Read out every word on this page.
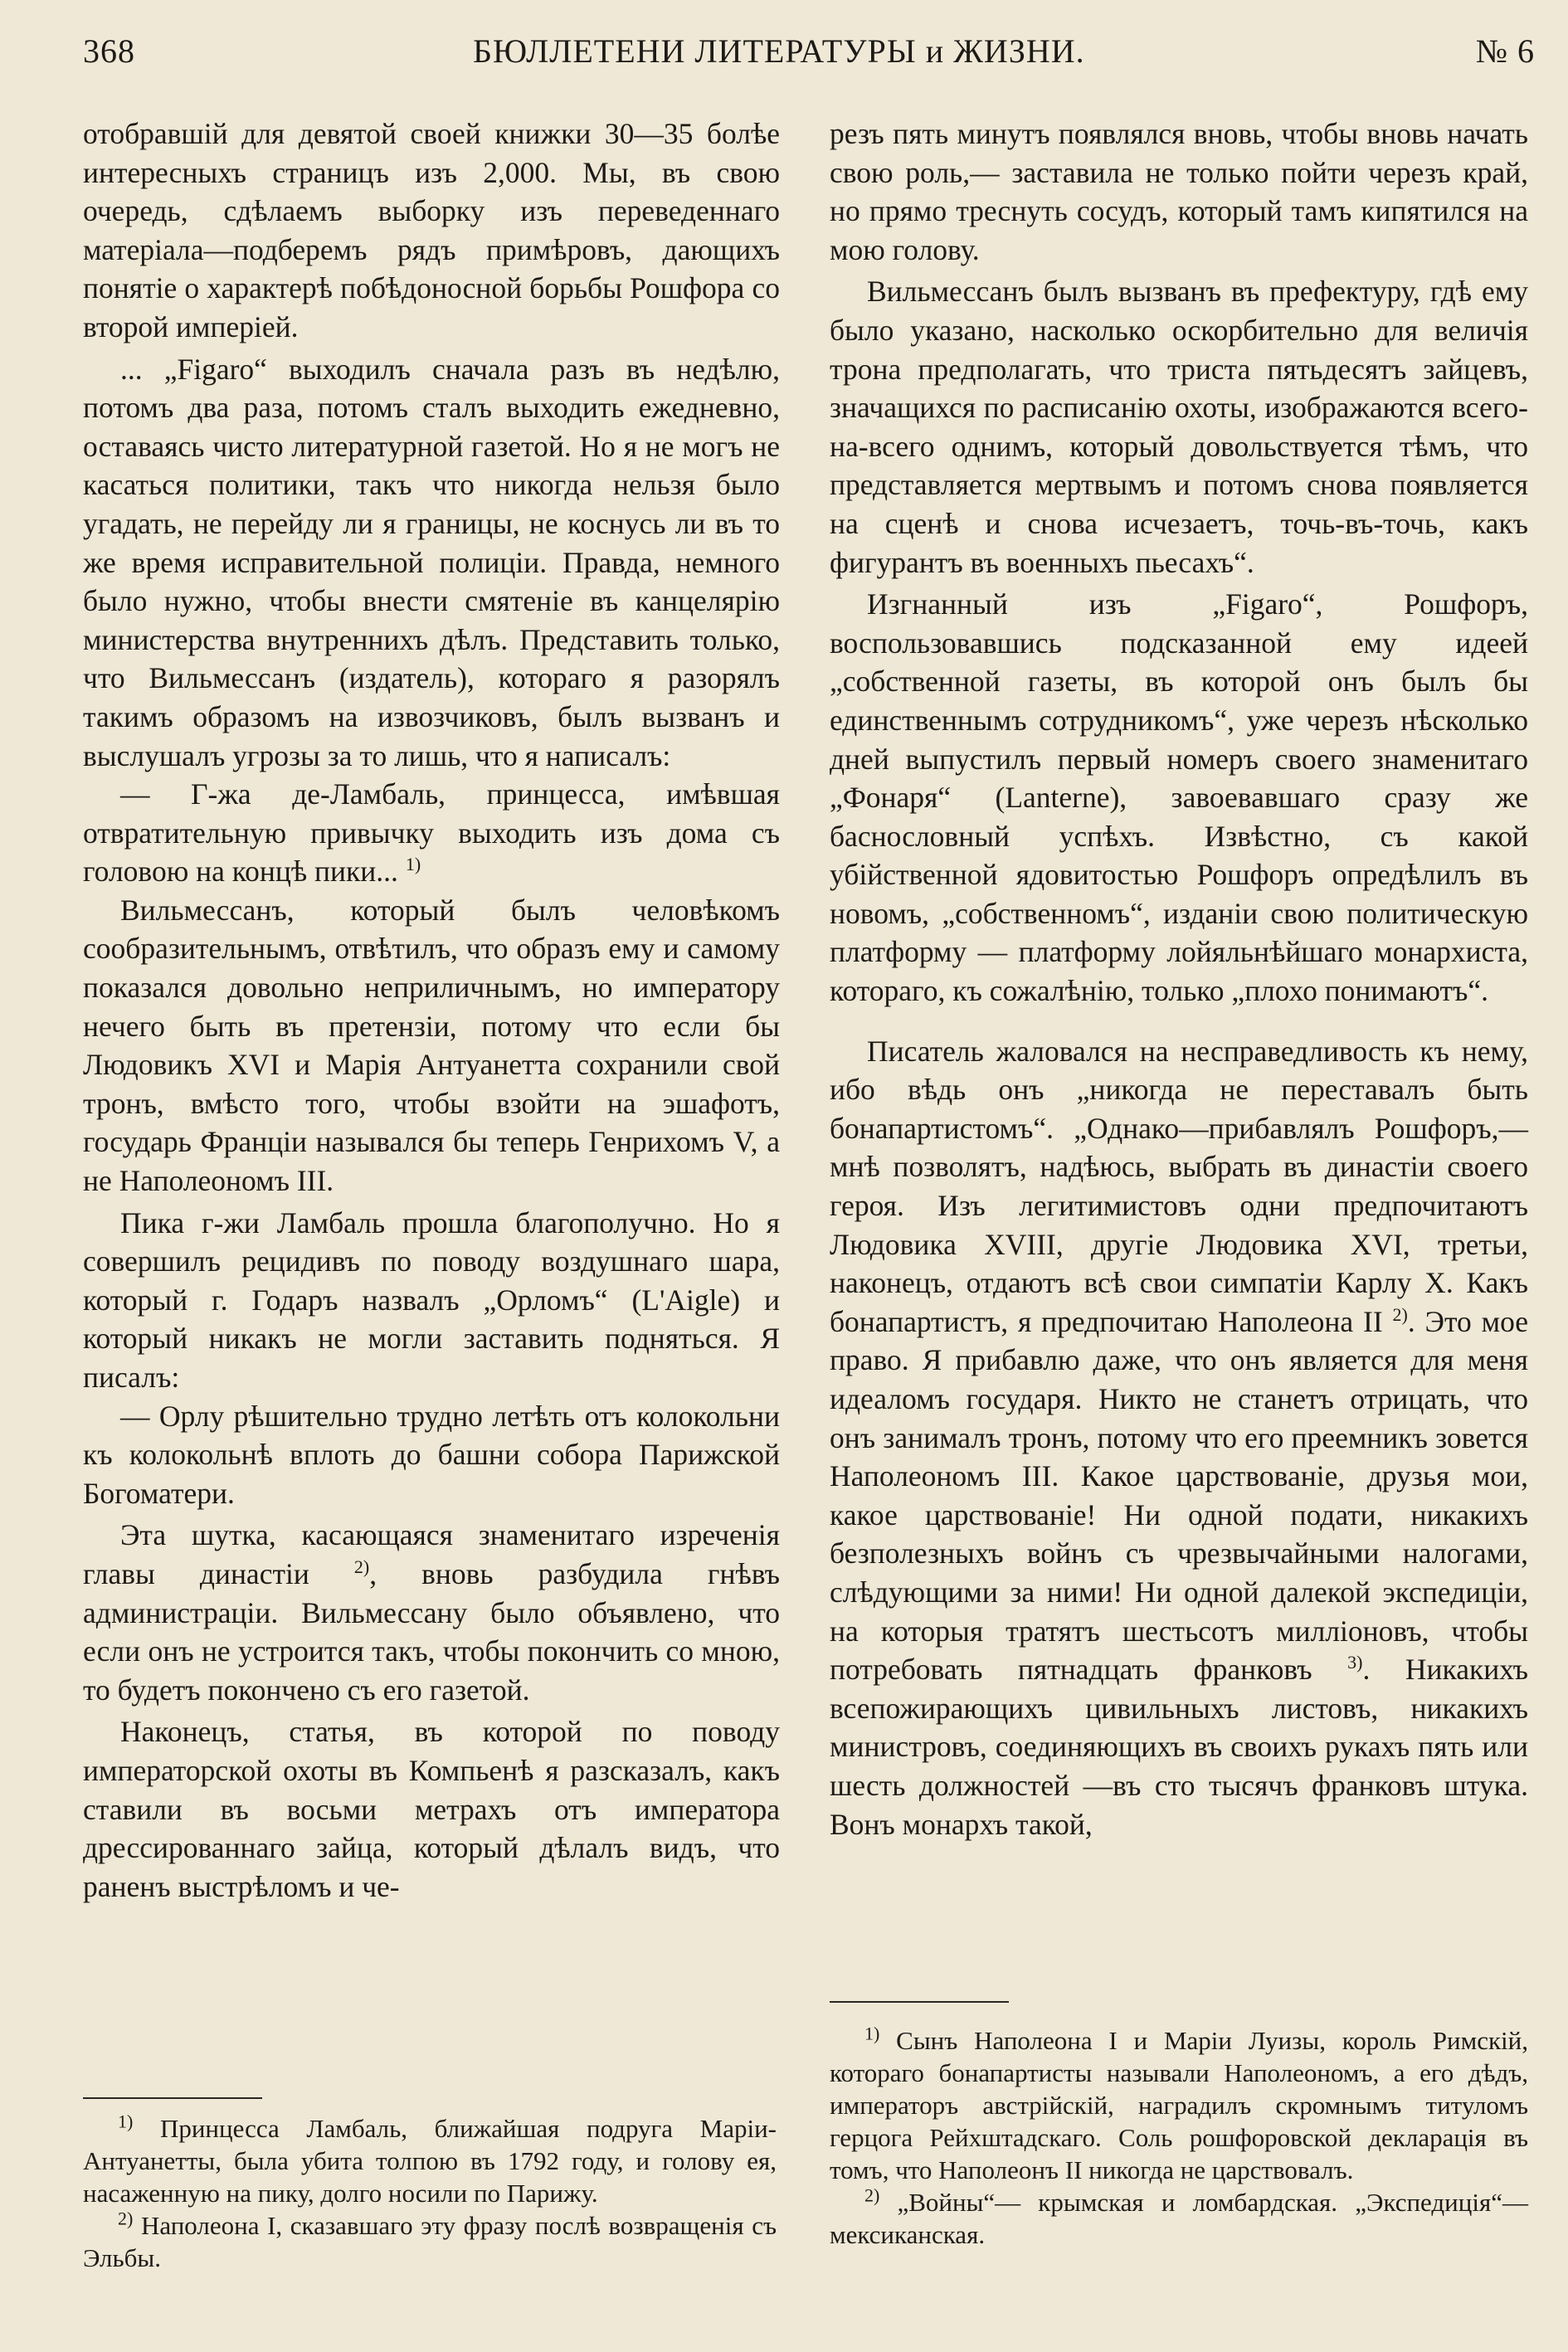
368	БЮЛЛЕТЕНИ ЛИТЕРАТУРЫ и ЖИЗНИ.	№ 6

отобравшій для девятой своей книжки 30—35 болѣе интересныхъ страницъ изъ 2,000. Мы, въ свою очередь, сдѣлаемъ выборку изъ переведеннаго матеріала—подберемъ рядъ примѣровъ, дающихъ понятіе о характерѣ побѣдоносной борьбы Рошфора со второй имперіей.

... „Figaro“ выходилъ сначала разъ въ недѣлю, потомъ два раза, потомъ сталъ выходить ежедневно, оставаясь чисто литературной газетой. Но я не могъ не касаться политики, такъ что никогда нельзя было угадать, не перейду ли я границы, не коснусь ли въ то же время исправительной полиціи. Правда, немного было нужно, чтобы внести смятеніе въ канцелярію министерства внутреннихъ дѣлъ. Представить только, что Вильмессанъ (издатель), котораго я разорялъ такимъ образомъ на извозчиковъ, былъ вызванъ и выслушалъ угрозы за то лишь, что я написалъ:

— Г-жа де-Ламбаль, принцесса, имѣвшая отвратительную привычку выходить изъ дома съ головою на концѣ пики... $^{1)}$

Вильмессанъ, который былъ человѣкомъ сообразительнымъ, отвѣтилъ, что образъ ему и самому показался довольно неприличнымъ, но императору нечего быть въ претензіи, потому что если бы Людовикъ XVI и Марія Антуанетта сохранили свой тронъ, вмѣсто того, чтобы взойти на эшафотъ, государь Франціи назывался бы теперь Генрихомъ V, а не Наполеономъ III.

Пика г-жи Ламбаль прошла благополучно. Но я совершилъ рецидивъ по поводу воздушнаго шара, который г. Годаръ назвалъ „Орломъ“ (L'Aigle) и который никакъ не могли заставить подняться. Я писалъ:

— Орлу рѣшительно трудно летѣть отъ колокольни къ колокольнѣ вплоть до башни собора Парижской Богоматери.

Эта шутка, касающаяся знаменитаго изреченія главы династіи $^{2)}$, вновь разбудила гнѣвъ администраціи. Вильмессану было объявлено, что если онъ не устроится такъ, чтобы покончить со мною, то будетъ покончено съ его газетой.

Наконецъ, статья, въ которой по поводу императорской охоты въ Компьенѣ я разсказалъ, какъ ставили въ восьми метрахъ отъ императора дрессированнаго зайца, который дѣлалъ видъ, что раненъ выстрѣломъ и че-

резъ пять минутъ появлялся вновь, чтобы вновь начать свою роль,— заставила не только пойти черезъ край, но прямо треснуть сосудъ, который тамъ кипятился на мою голову.

Вильмессанъ былъ вызванъ въ префектуру, гдѣ ему было указано, насколько оскорбительно для величія трона предполагать, что триста пятьдесятъ зайцевъ, значащихся по расписанію охоты, изображаются всего-на-всего однимъ, который довольствуется тѣмъ, что представляется мертвымъ и потомъ снова появляется на сценѣ и снова исчезаетъ, точь-въ-точь, какъ фигурантъ въ военныхъ пьесахъ“.

Изгнанный изъ „Figaro“, Рошфоръ, воспользовавшись подсказанной ему идеей „собственной газеты, въ которой онъ былъ бы единственнымъ сотрудникомъ“, уже черезъ нѣсколько дней выпустилъ первый номеръ своего знаменитаго „Фонаря“ (Lanterne), завоевавшаго сразу же баснословный успѣхъ. Извѣстно, съ какой убійственной ядовитостью Рошфоръ опредѣлилъ въ новомъ, „собственномъ“, изданіи свою политическую платформу — платформу лойяльнѣйшаго монархиста, котораго, къ сожалѣнію, только „плохо понимаютъ“.

Писатель жаловался на несправедливость къ нему, ибо вѣдь онъ „никогда не переставалъ быть бонапартистомъ“. „Однако—прибавлялъ Рошфоръ,— мнѣ позволятъ, надѣюсь, выбрать въ династіи своего героя. Изъ легитимистовъ одни предпочитаютъ Людовика XVIII, другіе Людовика XVI, третьи, наконецъ, отдаютъ всѣ свои симпатіи Карлу X. Какъ бонапартистъ, я предпочитаю Наполеона II $^{2)}$. Это мое право. Я прибавлю даже, что онъ является для меня идеаломъ государя. Никто не станетъ отрицать, что онъ занималъ тронъ, потому что его преемникъ зовется Наполеономъ III. Какое царствованіе, друзья мои, какое царствованіе! Ни одной подати, никакихъ безполезныхъ войнъ съ чрезвычайными налогами, слѣдующими за ними! Ни одной далекой экспедиціи, на которыя тратятъ шестьсотъ милліоновъ, чтобы потребовать пятнадцать франковъ $^{3)}$. Никакихъ всепожирающихъ цивильныхъ листовъ, никакихъ министровъ, соединяющихъ въ своихъ рукахъ пять или шесть должностей —въ сто тысячъ франковъ штука. Вонъ монархъ такой,

$^{1)}$ Принцесса Ламбаль, ближайшая подруга Маріи-Антуанетты, была убита толпою въ 1792 году, и голову ея, насаженную на пику, долго носили по Парижу.

$^{2)}$ Наполеона I, сказавшаго эту фразу послѣ возвращенія съ Эльбы.

$^{1)}$ Сынъ Наполеона I и Маріи Луизы, король Римскій, котораго бонапартисты называли Наполеономъ, а его дѣдъ, императоръ австрійскій, наградилъ скромнымъ титуломъ герцога Рейхштадскаго. Соль рошфоровской декларація въ томъ, что Наполеонъ II никогда не царствовалъ.

$^{2)}$ „Войны“— крымская и ломбардская. „Экспедиція“— мексиканская.
